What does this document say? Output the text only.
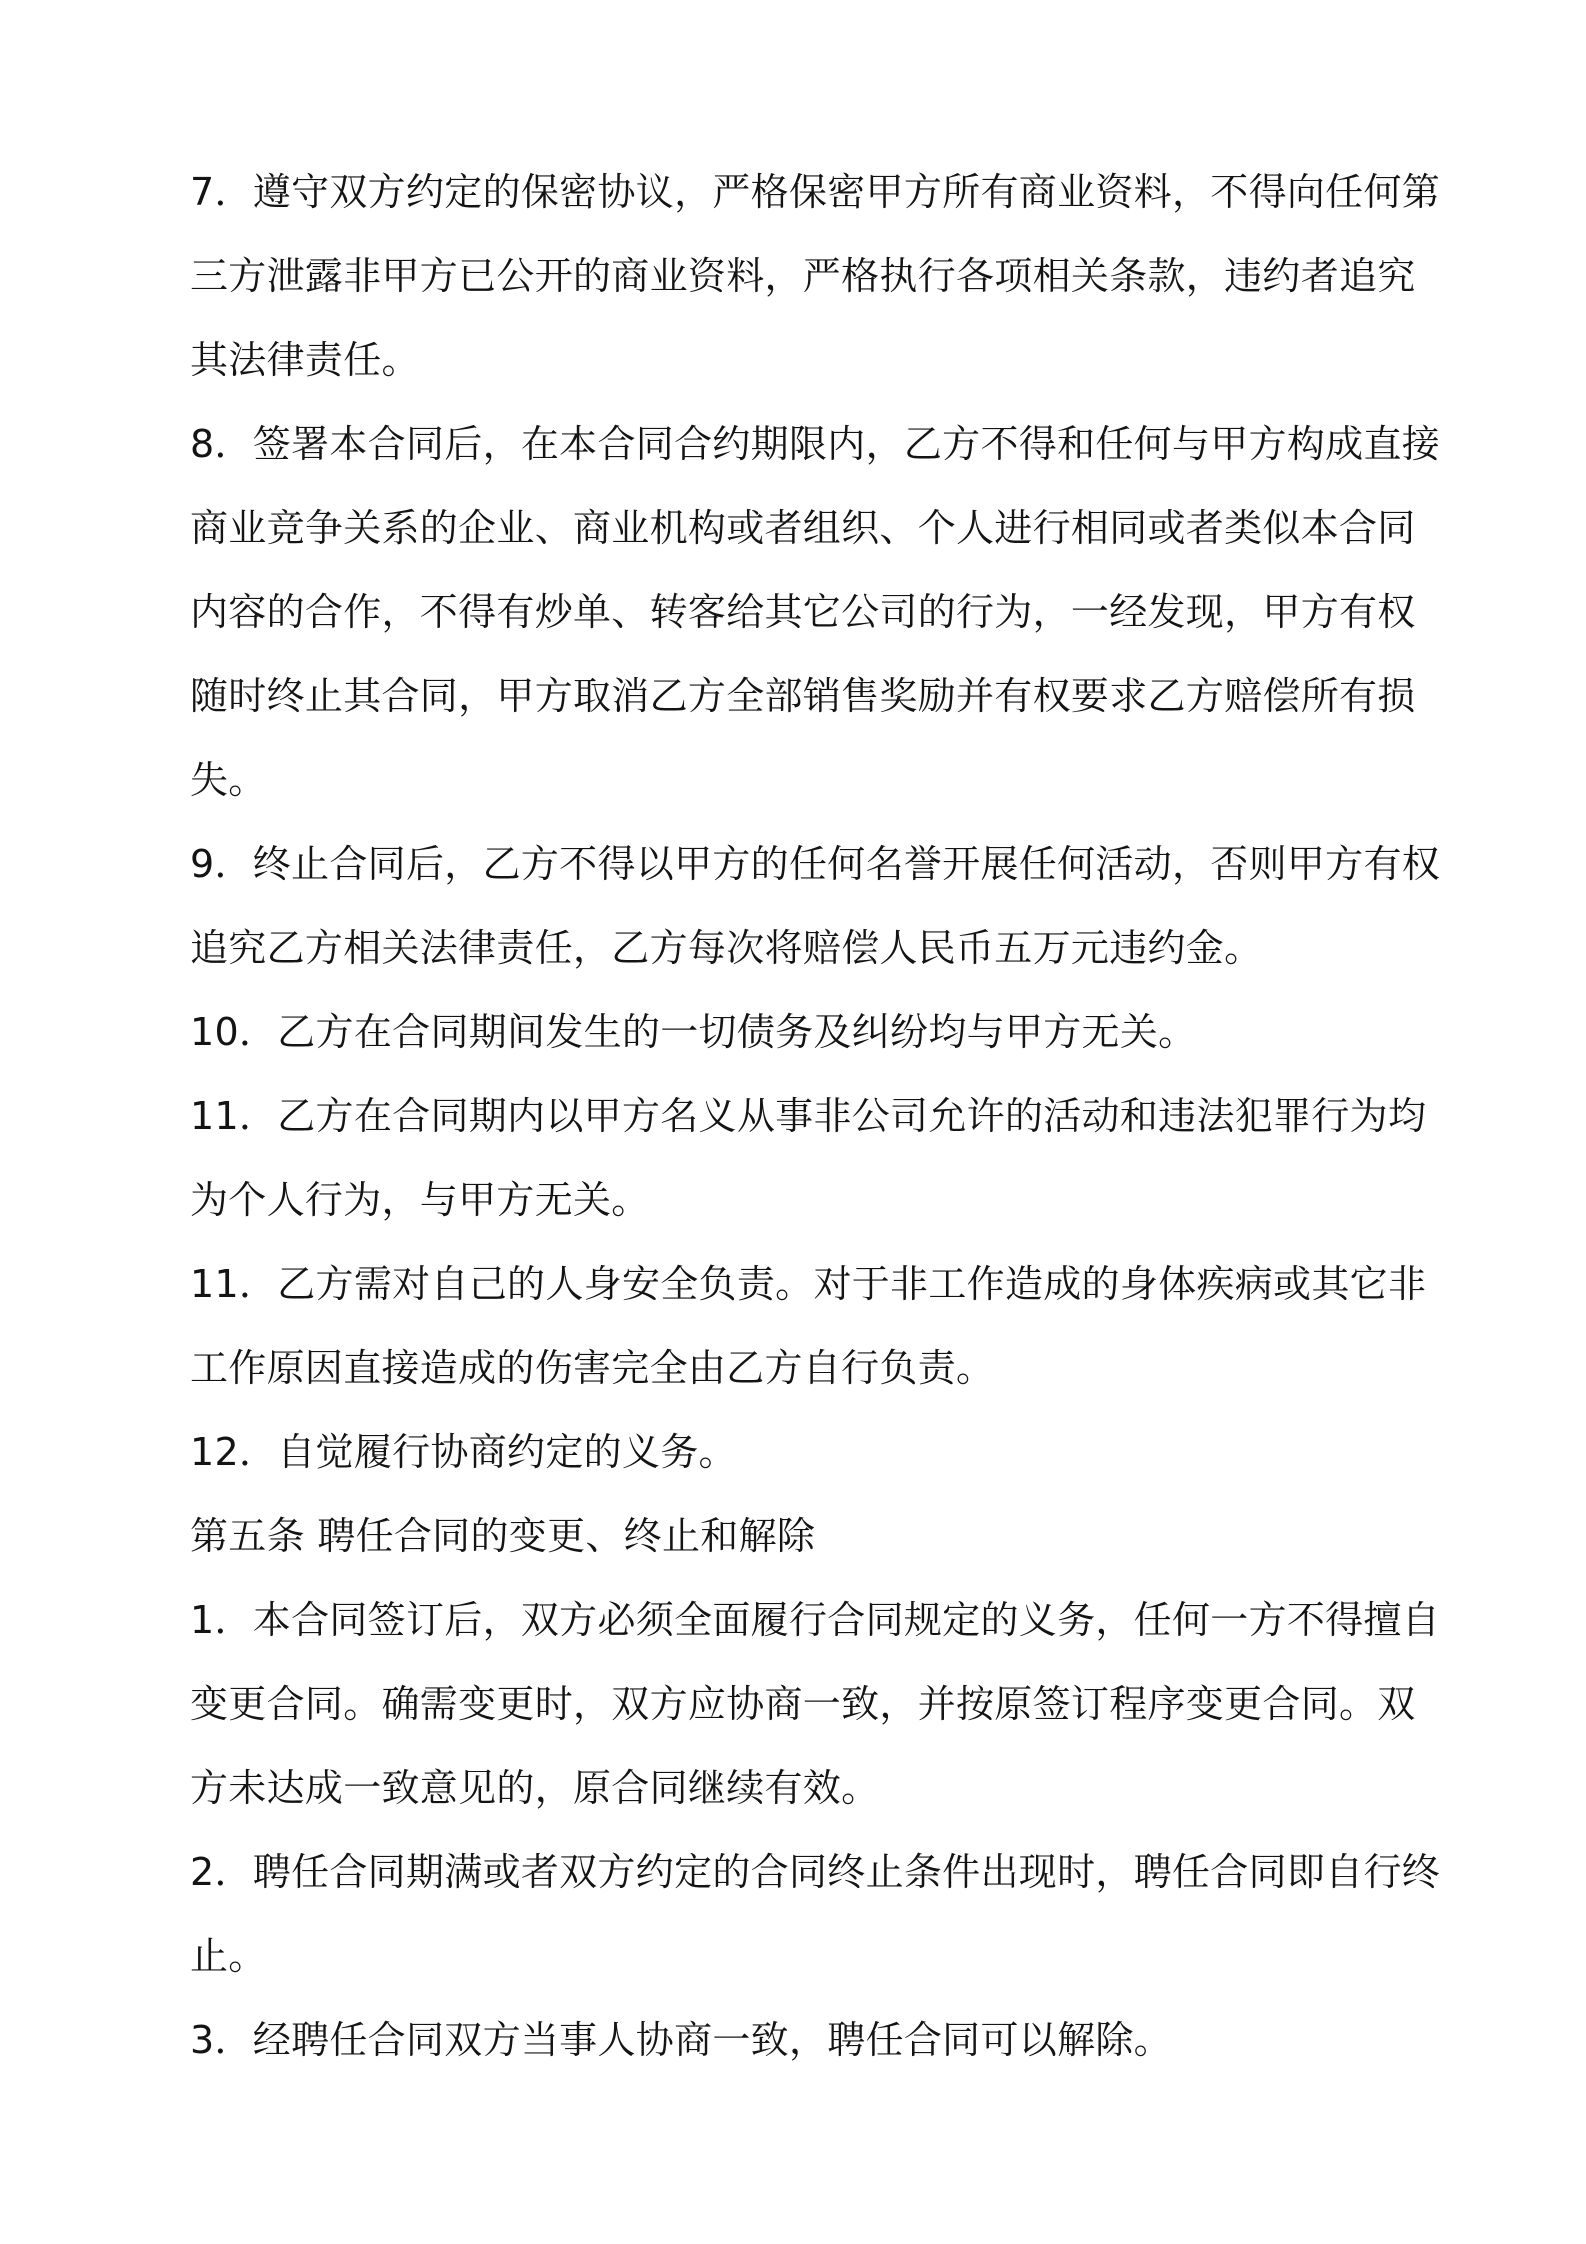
7．遵守双方约定的保密协议，严格保密甲方所有商业资料，不得向任何第

三方泄露非甲方已公开的商业资料，严格执行各项相关条款，违约者追究

其法律责任。

8．签署本合同后，在本合同合约期限内，乙方不得和任何与甲方构成直接

商业竞争关系的企业、商业机构或者组织、个人进行相同或者类似本合同

内容的合作，不得有炒单、转客给其它公司的行为，一经发现，甲方有权

随时终止其合同，甲方取消乙方全部销售奖励并有权要求乙方赔偿所有损

失。

9．终止合同后，乙方不得以甲方的任何名誉开展任何活动，否则甲方有权

追究乙方相关法律责任，乙方每次将赔偿人民币五万元违约金。

10．乙方在合同期间发生的一切债务及纠纷均与甲方无关。

11．乙方在合同期内以甲方名义从事非公司允许的活动和违法犯罪行为均

为个人行为，与甲方无关。

11．乙方需对自己的人身安全负责。对于非工作造成的身体疾病或其它非

工作原因直接造成的伤害完全由乙方自行负责。

12．自觉履行协商约定的义务。

第五条 聘任合同的变更、终止和解除

1．本合同签订后，双方必须全面履行合同规定的义务，任何一方不得擅自

变更合同。确需变更时，双方应协商一致，并按原签订程序变更合同。双

方未达成一致意见的，原合同继续有效。

2．聘任合同期满或者双方约定的合同终止条件出现时，聘任合同即自行终

止。

3．经聘任合同双方当事人协商一致，聘任合同可以解除。
